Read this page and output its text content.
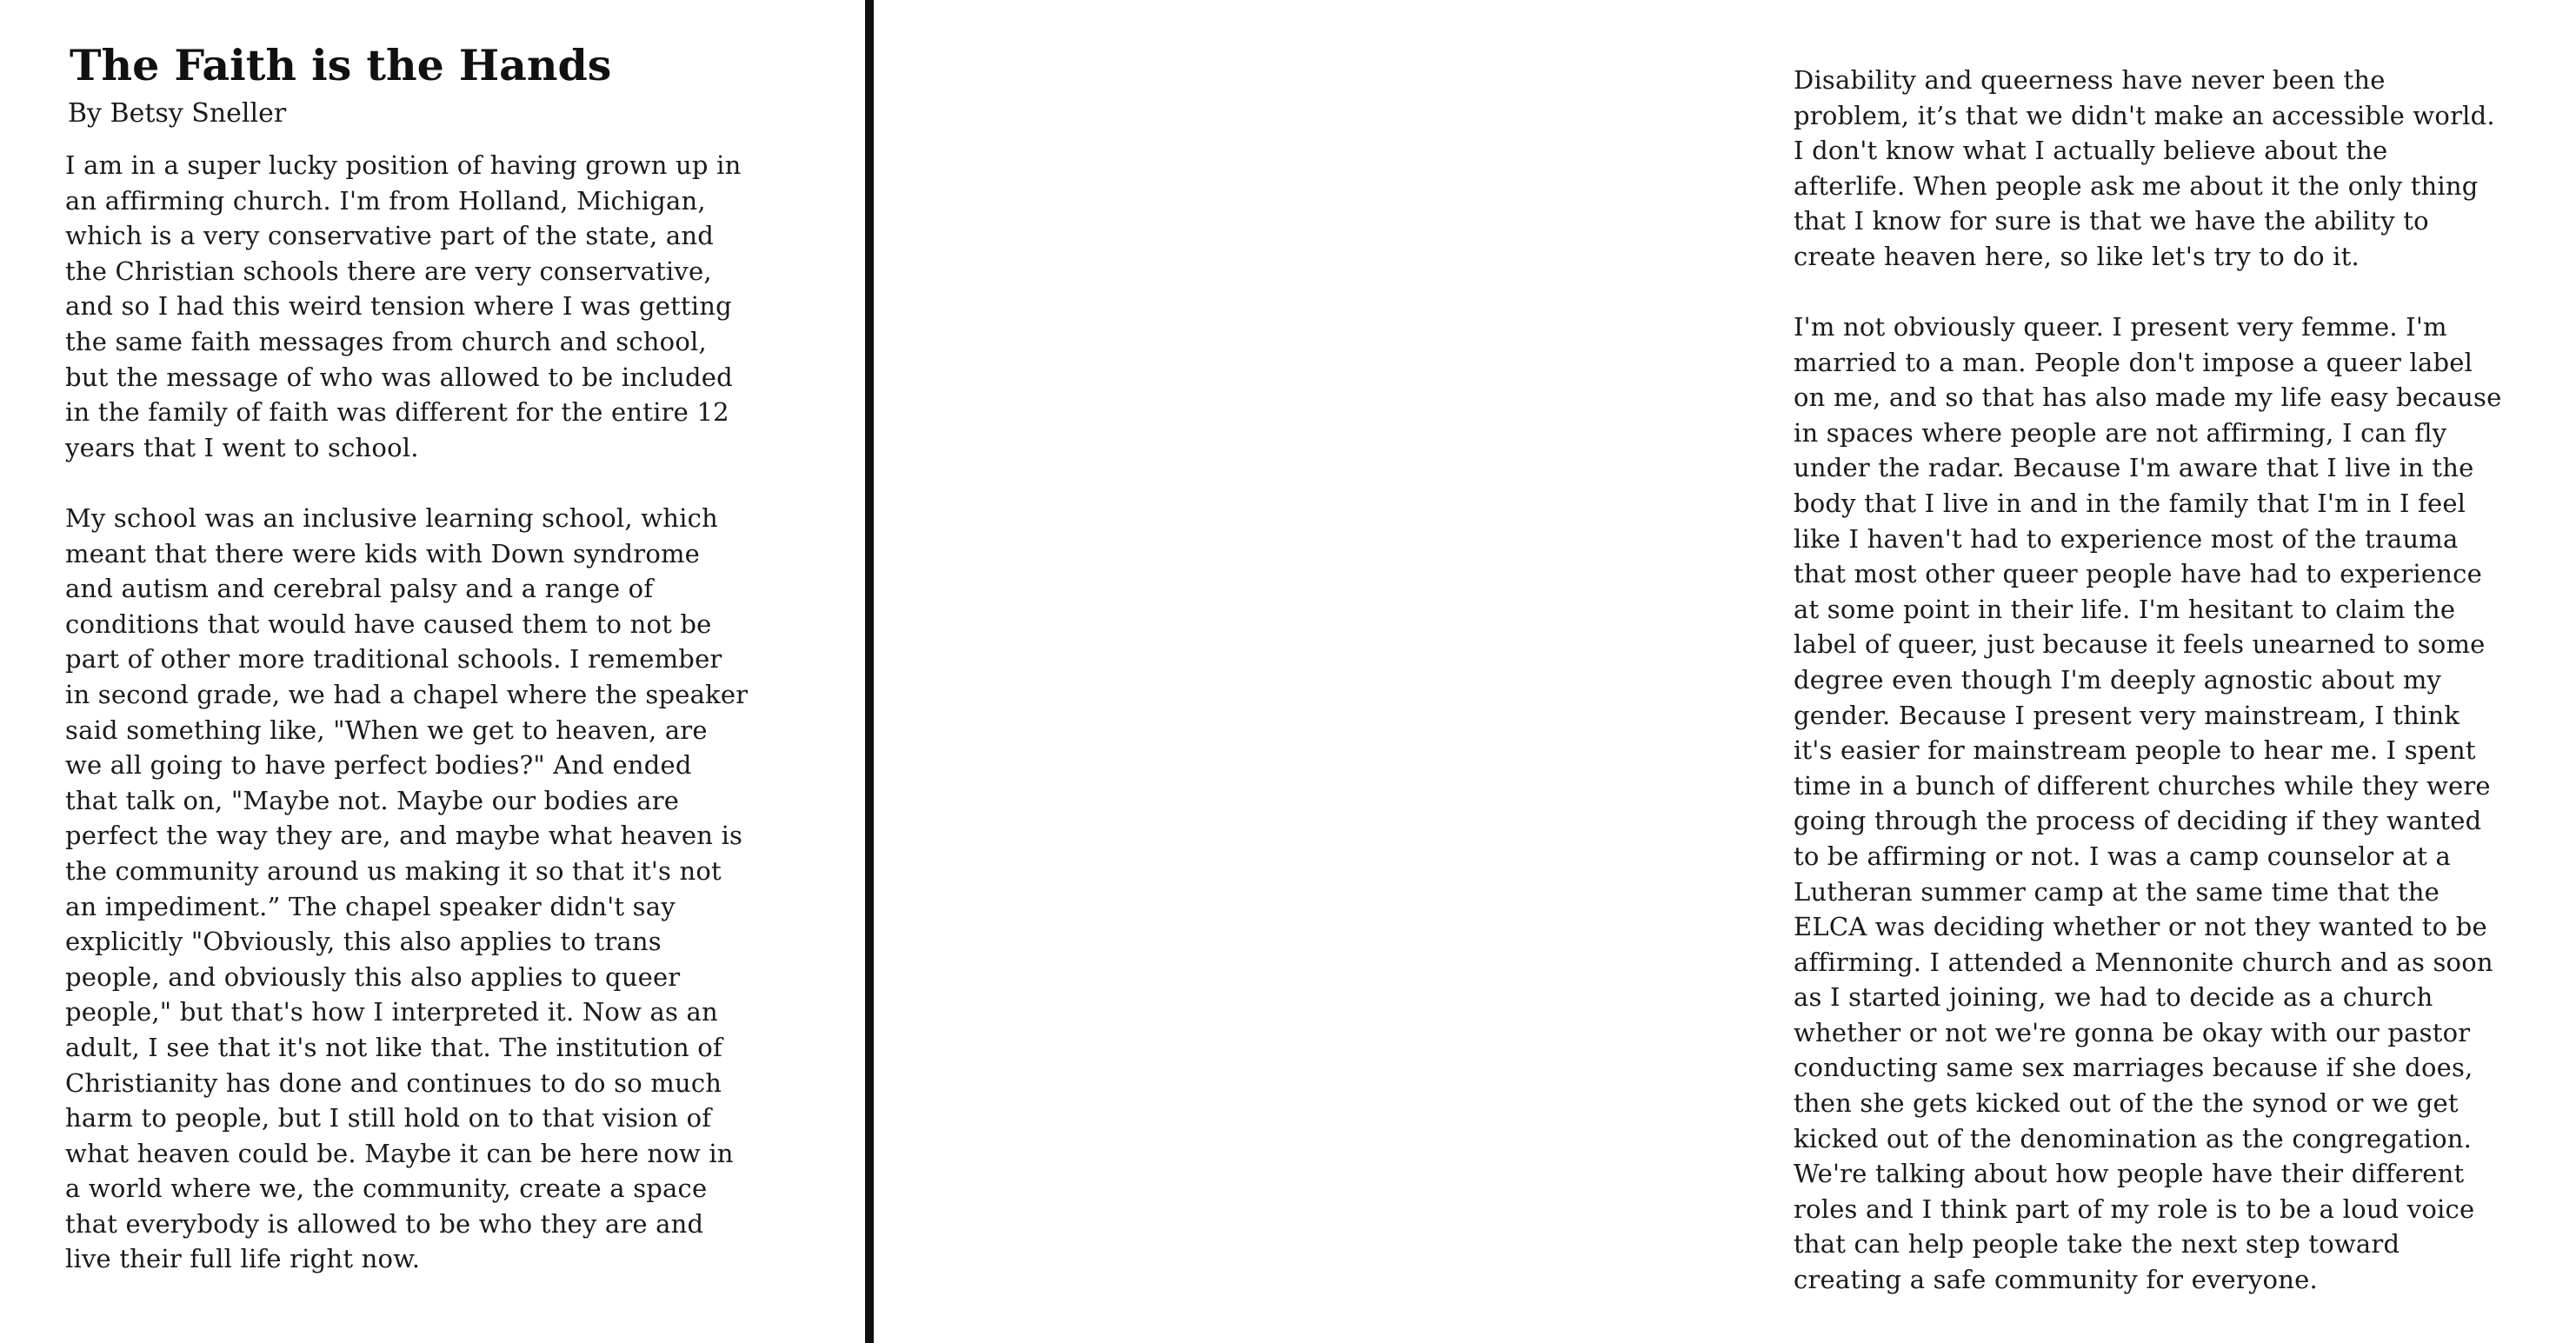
The Faith is the Hands

By Betsy Sneller

I am in a super lucky position of having grown up in
an affirming church. I'm from Holland, Michigan,
which is a very conservative part of the state, and
the Christian schools there are very conservative,
and so I had this weird tension where I was getting
the same faith messages from church and school,
but the message of who was allowed to be included
in the family of faith was different for the entire 12
years that I went to school.

My school was an inclusive learning school, which
meant that there were kids with Down syndrome
and autism and cerebral palsy and a range of
conditions that would have caused them to not be
part of other more traditional schools. I remember
in second grade, we had a chapel where the speaker
said something like, "When we get to heaven, are
we all going to have perfect bodies?" And ended
that talk on, "Maybe not. Maybe our bodies are
perfect the way they are, and maybe what heaven is
the community around us making it so that it's not
an impediment.” The chapel speaker didn't say
explicitly "Obviously, this also applies to trans
people, and obviously this also applies to queer
people," but that's how I interpreted it. Now as an
adult, I see that it's not like that. The institution of
Christianity has done and continues to do so much
harm to people, but I still hold on to that vision of
what heaven could be. Maybe it can be here now in
a world where we, the community, create a space
that everybody is allowed to be who they are and
live their full life right now.

Disability and queerness have never been the
problem, it’s that we didn't make an accessible world.
I don't know what I actually believe about the
afterlife. When people ask me about it the only thing
that I know for sure is that we have the ability to
create heaven here, so like let's try to do it.

I'm not obviously queer. I present very femme. I'm
married to a man. People don't impose a queer label
on me, and so that has also made my life easy because
in spaces where people are not affirming, I can fly
under the radar. Because I'm aware that I live in the
body that I live in and in the family that I'm in I feel
like I haven't had to experience most of the trauma
that most other queer people have had to experience
at some point in their life. I'm hesitant to claim the
label of queer, just because it feels unearned to some
degree even though I'm deeply agnostic about my
gender. Because I present very mainstream, I think
it's easier for mainstream people to hear me. I spent
time in a bunch of different churches while they were
going through the process of deciding if they wanted
to be affirming or not. I was a camp counselor at a
Lutheran summer camp at the same time that the
ELCA was deciding whether or not they wanted to be
affirming. I attended a Mennonite church and as soon
as I started joining, we had to decide as a church
whether or not we're gonna be okay with our pastor
conducting same sex marriages because if she does,
then she gets kicked out of the the synod or we get
kicked out of the denomination as the congregation.
We're talking about how people have their different
roles and I think part of my role is to be a loud voice
that can help people take the next step toward
creating a safe community for everyone.
